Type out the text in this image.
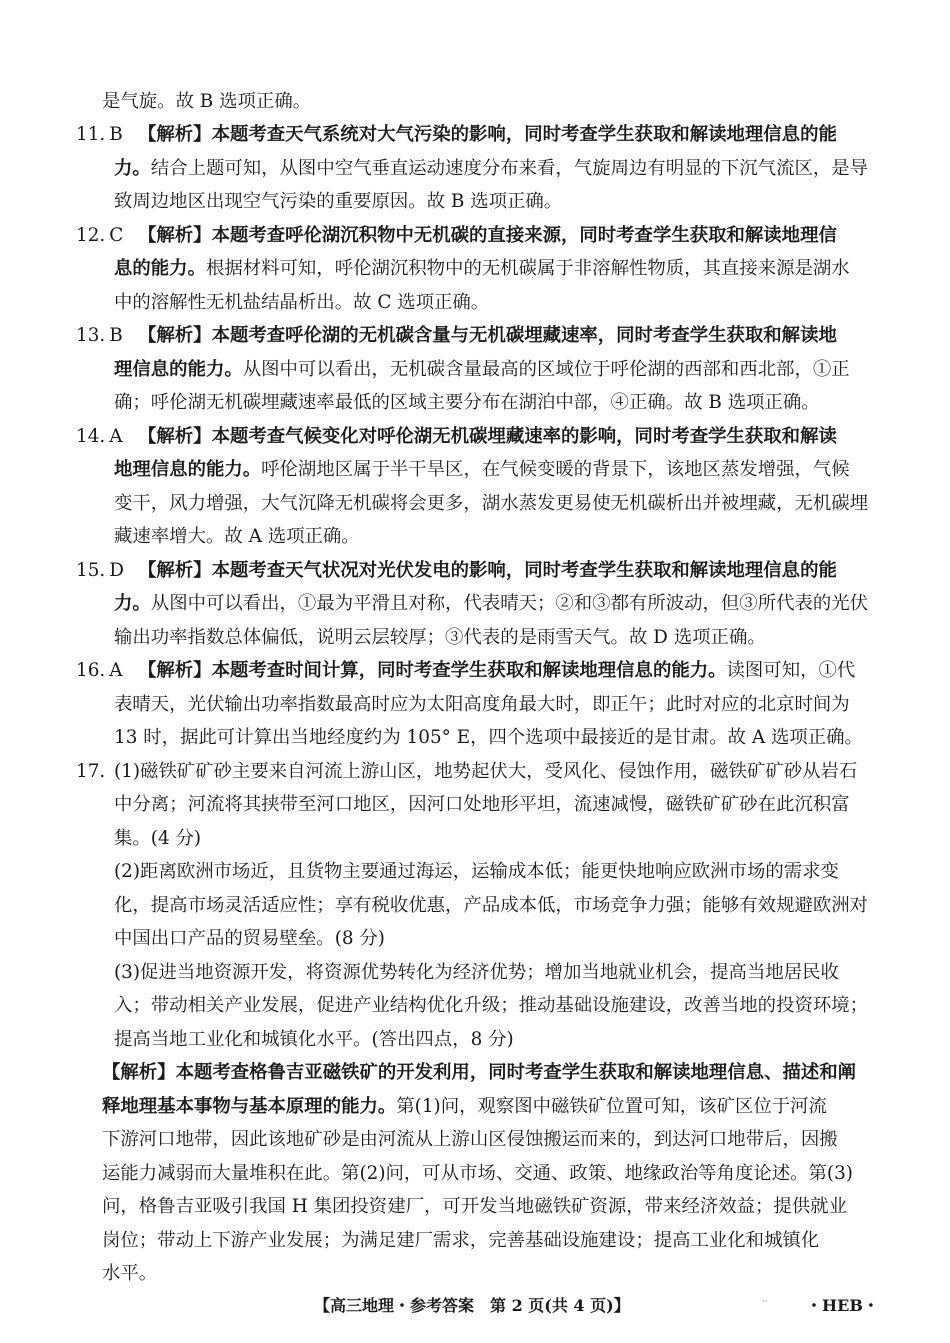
是气旋。故 B 选项正确。
11. B 【解析】本题考查天气系统对大气污染的影响，同时考查学生获取和解读地理信息的能
力。结合上题可知，从图中空气垂直运动速度分布来看，气旋周边有明显的下沉气流区，是导
致周边地区出现空气污染的重要原因。故 B 选项正确。
12. C 【解析】本题考查呼伦湖沉积物中无机碳的直接来源，同时考查学生获取和解读地理信
息的能力。根据材料可知，呼伦湖沉积物中的无机碳属于非溶解性物质，其直接来源是湖水
中的溶解性无机盐结晶析出。故 C 选项正确。
13. B 【解析】本题考查呼伦湖的无机碳含量与无机碳埋藏速率，同时考查学生获取和解读地
理信息的能力。从图中可以看出，无机碳含量最高的区域位于呼伦湖的西部和西北部，①正
确；呼伦湖无机碳埋藏速率最低的区域主要分布在湖泊中部，④正确。故 B 选项正确。
14. A 【解析】本题考查气候变化对呼伦湖无机碳埋藏速率的影响，同时考查学生获取和解读
地理信息的能力。呼伦湖地区属于半干旱区，在气候变暖的背景下，该地区蒸发增强，气候
变干，风力增强，大气沉降无机碳将会更多，湖水蒸发更易使无机碳析出并被埋藏，无机碳埋
藏速率增大。故 A 选项正确。
15. D 【解析】本题考查天气状况对光伏发电的影响，同时考查学生获取和解读地理信息的能
力。从图中可以看出，①最为平滑且对称，代表晴天；②和③都有所波动，但③所代表的光伏
输出功率指数总体偏低，说明云层较厚；③代表的是雨雪天气。故 D 选项正确。
16. A 【解析】本题考查时间计算，同时考查学生获取和解读地理信息的能力。读图可知，①代
表晴天，光伏输出功率指数最高时应为太阳高度角最大时，即正午；此时对应的北京时间为
13 时，据此可计算出当地经度约为 105° E，四个选项中最接近的是甘肃。故 A 选项正确。
17. (1)磁铁矿矿砂主要来自河流上游山区，地势起伏大，受风化、侵蚀作用，磁铁矿矿砂从岩石
中分离；河流将其挟带至河口地区，因河口处地形平坦，流速减慢，磁铁矿矿砂在此沉积富
集。(4 分)
(2)距离欧洲市场近，且货物主要通过海运，运输成本低；能更快地响应欧洲市场的需求变
化，提高市场灵活适应性；享有税收优惠，产品成本低，市场竞争力强；能够有效规避欧洲对
中国出口产品的贸易壁垒。(8 分)
(3)促进当地资源开发，将资源优势转化为经济优势；增加当地就业机会，提高当地居民收
入；带动相关产业发展，促进产业结构优化升级；推动基础设施建设，改善当地的投资环境；
提高当地工业化和城镇化水平。(答出四点，8 分)
【解析】本题考查格鲁吉亚磁铁矿的开发利用，同时考查学生获取和解读地理信息、描述和阐
释地理基本事物与基本原理的能力。第(1)问，观察图中磁铁矿位置可知，该矿区位于河流
下游河口地带，因此该地矿砂是由河流从上游山区侵蚀搬运而来的，到达河口地带后，因搬
运能力减弱而大量堆积在此。第(2)问，可从市场、交通、政策、地缘政治等角度论述。第(3)
问，格鲁吉亚吸引我国 H 集团投资建厂，可开发当地磁铁矿资源，带来经济效益；提供就业
岗位；带动上下游产业发展；为满足建厂需求，完善基础设施建设；提高工业化和城镇化
水平。
【高三地理・参考答案　第 2 页(共 4 页)】	·· ・HEB・
